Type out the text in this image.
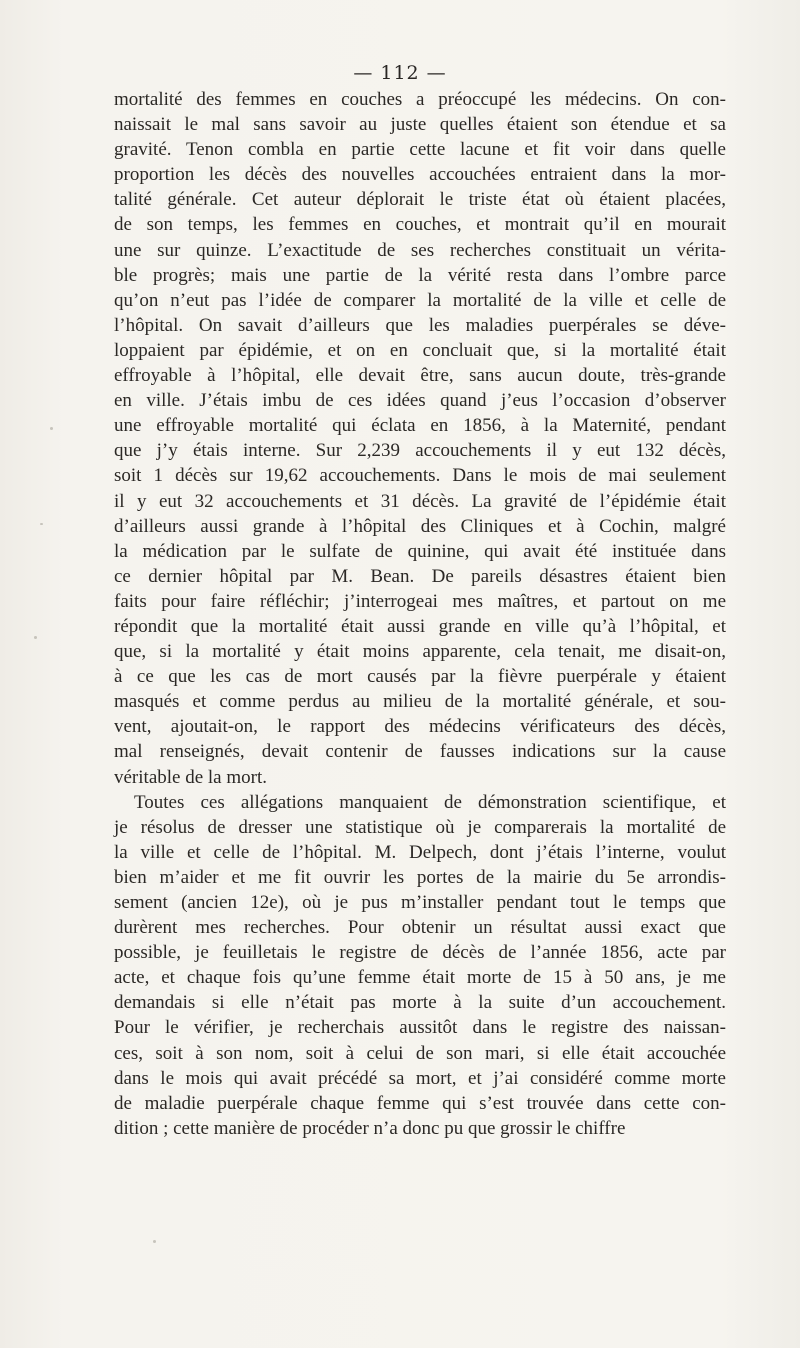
— 112 —
mortalité des femmes en couches a préoccupé les médecins. On con-
naissait le mal sans savoir au juste quelles étaient son étendue et sa
gravité. Tenon combla en partie cette lacune et fit voir dans quelle
proportion les décès des nouvelles accouchées entraient dans la mor-
talité générale. Cet auteur déplorait le triste état où étaient placées,
de son temps, les femmes en couches, et montrait qu’il en mourait
une sur quinze. L’exactitude de ses recherches constituait un vérita-
ble progrès; mais une partie de la vérité resta dans l’ombre parce
qu’on n’eut pas l’idée de comparer la mortalité de la ville et celle de
l’hôpital. On savait d’ailleurs que les maladies puerpérales se déve-
loppaient par épidémie, et on en concluait que, si la mortalité était
effroyable à l’hôpital, elle devait être, sans aucun doute, très-grande
en ville. J’étais imbu de ces idées quand j’eus l’occasion d’observer
une effroyable mortalité qui éclata en 1856, à la Maternité, pendant
que j’y étais interne. Sur 2,239 accouchements il y eut 132 décès,
soit 1 décès sur 19,62 accouchements. Dans le mois de mai seulement
il y eut 32 accouchements et 31 décès. La gravité de l’épidémie était
d’ailleurs aussi grande à l’hôpital des Cliniques et à Cochin, malgré
la médication par le sulfate de quinine, qui avait été instituée dans
ce dernier hôpital par M. Bean. De pareils désastres étaient bien
faits pour faire réfléchir; j’interrogeai mes maîtres, et partout on me
répondit que la mortalité était aussi grande en ville qu’à l’hôpital, et
que, si la mortalité y était moins apparente, cela tenait, me disait-on,
à ce que les cas de mort causés par la fièvre puerpérale y étaient
masqués et comme perdus au milieu de la mortalité générale, et sou-
vent, ajoutait-on, le rapport des médecins vérificateurs des décès,
mal renseignés, devait contenir de fausses indications sur la cause
véritable de la mort.
Toutes ces allégations manquaient de démonstration scientifique, et
je résolus de dresser une statistique où je comparerais la mortalité de
la ville et celle de l’hôpital. M. Delpech, dont j’étais l’interne, voulut
bien m’aider et me fit ouvrir les portes de la mairie du 5e arrondis-
sement (ancien 12e), où je pus m’installer pendant tout le temps que
durèrent mes recherches. Pour obtenir un résultat aussi exact que
possible, je feuilletais le registre de décès de l’année 1856, acte par
acte, et chaque fois qu’une femme était morte de 15 à 50 ans, je me
demandais si elle n’était pas morte à la suite d’un accouchement.
Pour le vérifier, je recherchais aussitôt dans le registre des naissan-
ces, soit à son nom, soit à celui de son mari, si elle était accouchée
dans le mois qui avait précédé sa mort, et j’ai considéré comme morte
de maladie puerpérale chaque femme qui s’est trouvée dans cette con-
dition ; cette manière de procéder n’a donc pu que grossir le chiffre
